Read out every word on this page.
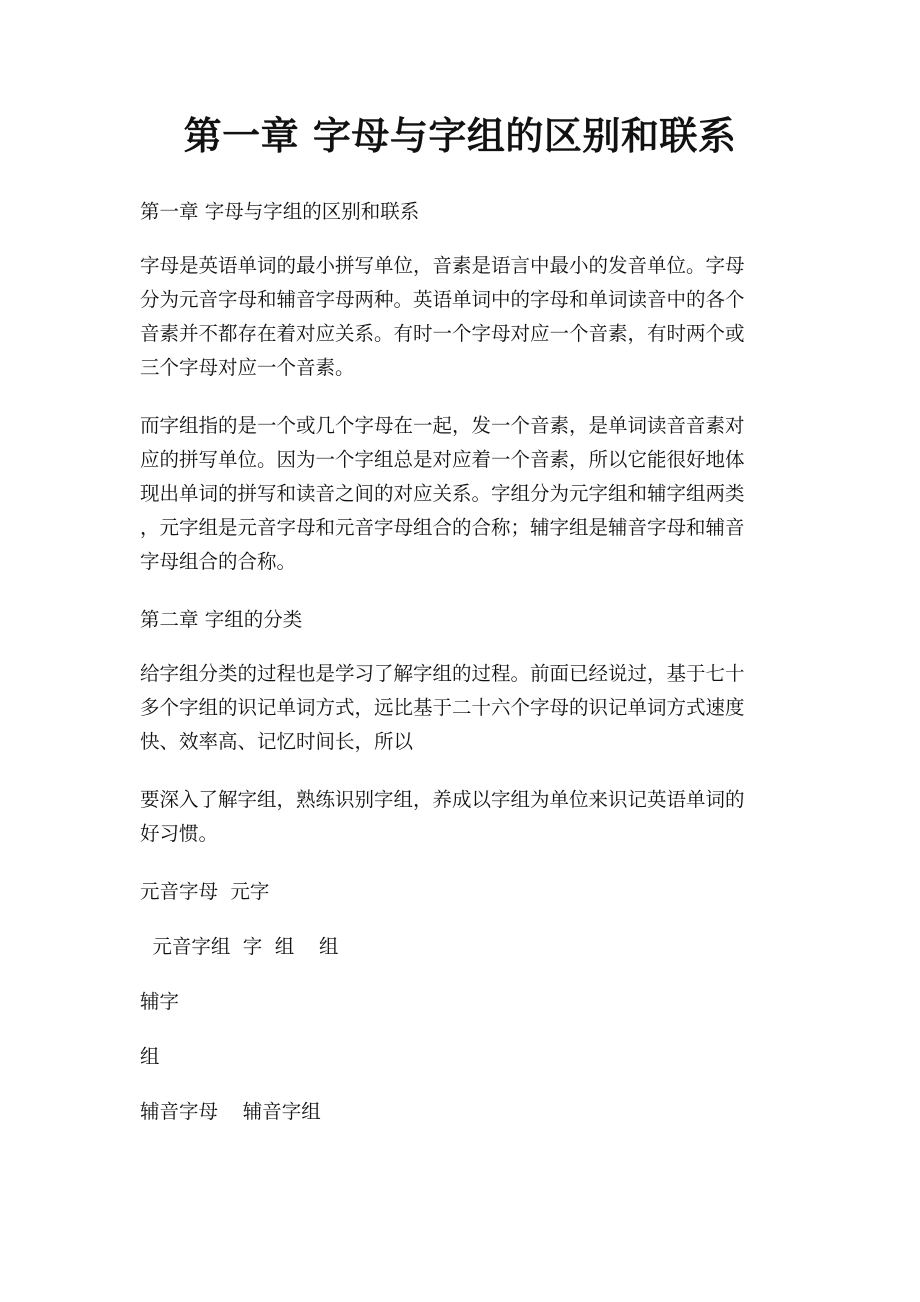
第一章 字母与字组的区别和联系
第一章 字母与字组的区别和联系
字母是英语单词的最小拼写单位，音素是语言中最小的发音单位。字母
分为元音字母和辅音字母两种。英语单词中的字母和单词读音中的各个
音素并不都存在着对应关系。有时一个字母对应一个音素，有时两个或
三个字母对应一个音素。
而字组指的是一个或几个字母在一起，发一个音素，是单词读音音素对
应的拼写单位。因为一个字组总是对应着一个音素，所以它能很好地体
现出单词的拼写和读音之间的对应关系。字组分为元字组和辅字组两类
，元字组是元音字母和元音字母组合的合称；辅字组是辅音字母和辅音
字母组合的合称。
第二章 字组的分类
给字组分类的过程也是学习了解字组的过程。前面已经说过，基于七十
多个字组的识记单词方式，远比基于二十六个字母的识记单词方式速度
快、效率高、记忆时间长，所以
要深入了解字组，熟练识别字组，养成以字组为单位来识记英语单词的
好习惯。
元音字母  元字
元音字组  字  组    组
辅字
组
辅音字母    辅音字组
